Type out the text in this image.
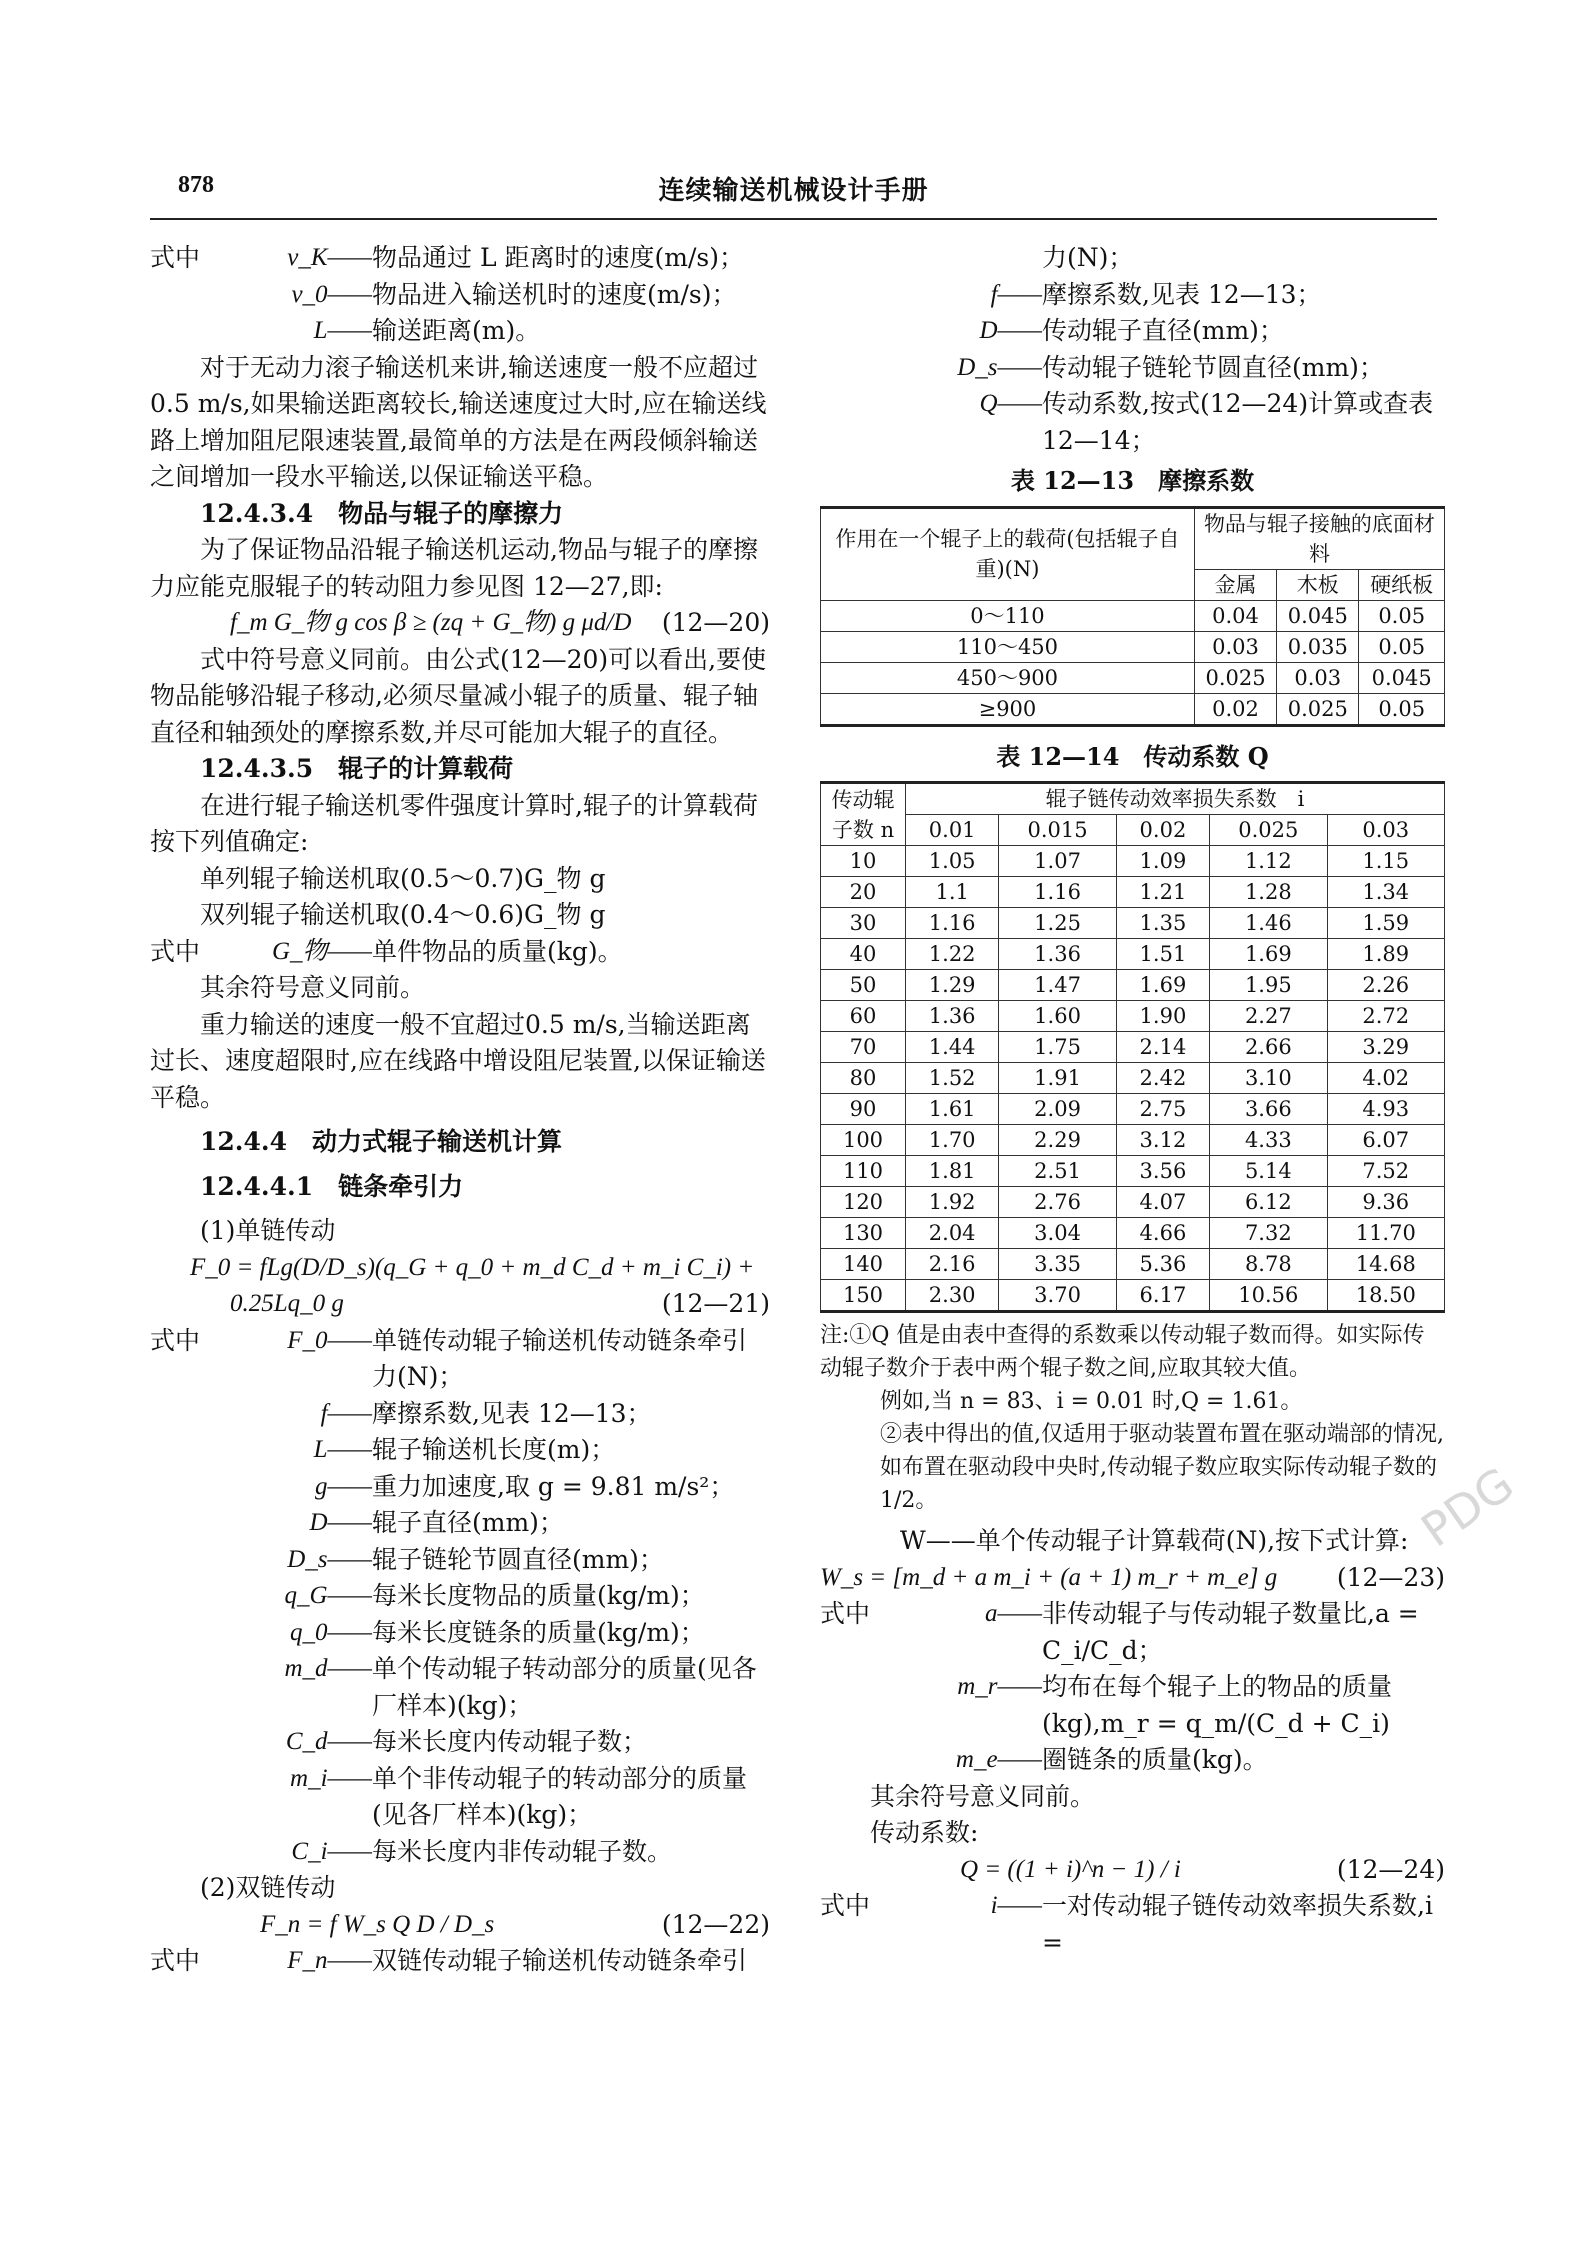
878	连续输送机械设计手册
式中	v_K—— 物品通过 L 距离时的速度(m/s)；
v_0—— 物品进入输送机时的速度(m/s)；
L—— 输送距离(m)。

对于无动力滚子输送机来讲,输送速度一般不应超过0.5 m/s,如果输送距离较长,输送速度过大时,应在输送线路上增加阻尼限速装置,最简单的方法是在两段倾斜输送之间增加一段水平输送,以保证输送平稳。

12.4.3.4　物品与辊子的摩擦力

为了保证物品沿辊子输送机运动,物品与辊子的摩擦力应能克服辊子的转动阻力参见图 12—27,即:

f_m G_物 g cos β ≥ (zq + G_物) g μd/D (12—20)

式中符号意义同前。由公式(12—20)可以看出,要使物品能够沿辊子移动,必须尽量减小辊子的质量、辊子轴直径和轴颈处的摩擦系数,并尽可能加大辊子的直径。

12.4.3.5　辊子的计算载荷

在进行辊子输送机零件强度计算时,辊子的计算载荷按下列值确定:

单列辊子输送机取(0.5～0.7)G_物 g

双列辊子输送机取(0.4～0.6)G_物 g

式中	G_物—— 单件物品的质量(kg)。

其余符号意义同前。

重力输送的速度一般不宜超过0.5 m/s,当输送距离过长、速度超限时,应在线路中增设阻尼装置,以保证输送平稳。

12.4.4　动力式辊子输送机计算

12.4.4.1　链条牵引力

(1)单链传动

F_0 = fLg(D/D_s)(q_G + q_0 + m_d C_d + m_i C_i) +
0.25Lq_0 g	(12—21)
式中	F_0—— 单链传动辊子输送机传动链条牵引力(N)；
f—— 摩擦系数,见表 12—13；
L—— 辊子输送机长度(m)；
g—— 重力加速度,取 g = 9.81 m/s²；
D—— 辊子直径(mm)；
D_s—— 辊子链轮节圆直径(mm)；
q_G—— 每米长度物品的质量(kg/m)；
q_0—— 每米长度链条的质量(kg/m)；
m_d—— 单个传动辊子转动部分的质量(见各厂样本)(kg)；
C_d—— 每米长度内传动辊子数；
m_i—— 单个非传动辊子的转动部分的质量(见各厂样本)(kg)；
C_i—— 每米长度内非传动辊子数。

(2)双链传动

F_n = f W_s Q D / D_s	(12—22)
式中	F_n—— 双链传动辊子输送机传动链条牵引

力(N)；

f—— 摩擦系数,见表 12—13；
D—— 传动辊子直径(mm)；
D_s—— 传动辊子链轮节圆直径(mm)；
Q—— 传动系数,按式(12—24)计算或查表 12—14；
表 12—13　摩擦系数
作用在一个辊子上的载荷(包括辊子自重)(N)	物品与辊子接触的底面材料		
	金属	木板	硬纸板
0～110	0.04	0.045	0.05
110～450	0.03	0.035	0.05
450～900	0.025	0.03	0.045
≥900	0.02	0.025	0.05
表 12—14　传动系数 Q
传动辊子数 n	辊子链传动效率损失系数　i				
	0.01	0.015	0.02	0.025	0.03
10	1.05	1.07	1.09	1.12	1.15
20	1.1	1.16	1.21	1.28	1.34
30	1.16	1.25	1.35	1.46	1.59
40	1.22	1.36	1.51	1.69	1.89
50	1.29	1.47	1.69	1.95	2.26
60	1.36	1.60	1.90	2.27	2.72
70	1.44	1.75	2.14	2.66	3.29
80	1.52	1.91	2.42	3.10	4.02
90	1.61	2.09	2.75	3.66	4.93
100	1.70	2.29	3.12	4.33	6.07
110	1.81	2.51	3.56	5.14	7.52
120	1.92	2.76	4.07	6.12	9.36
130	2.04	3.04	4.66	7.32	11.70
140	2.16	3.35	5.36	8.78	14.68
150	2.30	3.70	6.17	10.56	18.50

注:①Q 值是由表中查得的系数乘以传动辊子数而得。如实际传动辊子数介于表中两个辊子数之间,应取其较大值。

例如,当 n = 83、i = 0.01 时,Q = 1.61。

②表中得出的值,仅适用于驱动装置布置在驱动端部的情况,如布置在驱动段中央时,传动辊子数应取实际传动辊子数的 1/2。

W——单个传动辊子计算载荷(N),按下式计算:

W_s = [m_d + a m_i + (a + 1) m_r + m_e] g (12—23)
式中	a—— 非传动辊子与传动辊子数量比,a = C_i/C_d；
m_r—— 均布在每个辊子上的物品的质量(kg),m_r = q_m/(C_d + C_i)
m_e—— 圈链条的质量(kg)。

其余符号意义同前。

传动系数:

Q = ((1 + i)^n − 1) / i	(12—24)
式中	i—— 一对传动辊子链传动效率损失系数,i =
PDG
